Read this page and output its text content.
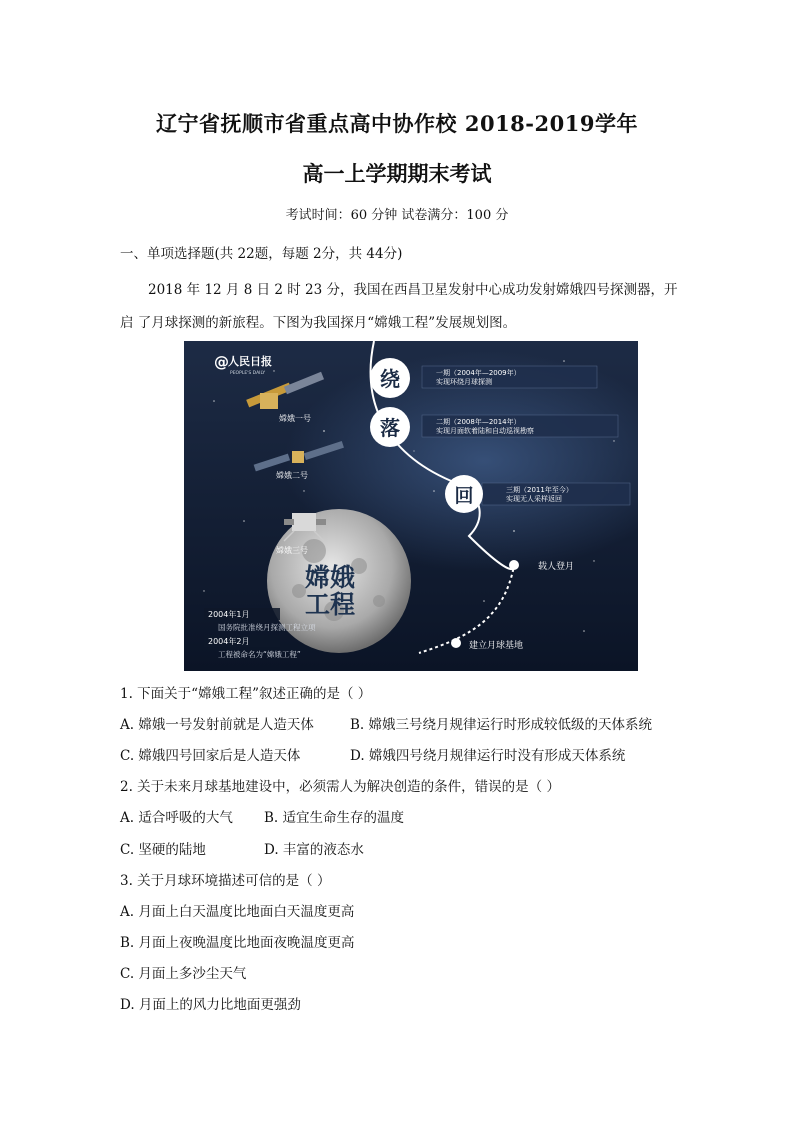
辽宁省抚顺市省重点高中协作校 2018-2019学年
高一上学期期末考试
考试时间：60 分钟 试卷满分：100 分
一、单项选择题(共 22题，每题 2分，共 44分)
2018 年 12 月 8 日 2 时 23 分，我国在西昌卫星发射中心成功发射嫦娥四号探测器，开
启 了月球探测的新旅程。下图为我国探月“嫦娥工程”发展规划图。
@ 人民日报
PEOPLE'S DAILY	绕	一期（2004年—2009年）
实现环绕月球探测
落	二期（2008年—2014年）
实现月面软着陆和自动巡视勘察
回	三期（2011年至今）
实现无人采样返回
载人登月
建立月球基地
嫦娥
工程
嫦娥一号
嫦娥二号
嫦娥三号
2004年1月
国务院批准绕月探测工程立项
2004年2月
工程被命名为“嫦娥工程”
1. 下面关于“嫦娥工程”叙述正确的是（ ）
A. 嫦娥一号发射前就是人造天体	B. 嫦娥三号绕月规律运行时形成较低级的天体系统
C. 嫦娥四号回家后是人造天体	D. 嫦娥四号绕月规律运行时没有形成天体系统
2. 关于未来月球基地建设中，必须需人为解决创造的条件，错误的是（ ）
A. 适合呼吸的大气 B. 适宜生命生存的温度
C. 坚硬的陆地	D. 丰富的液态水
3. 关于月球环境描述可信的是（ ）
A. 月面上白天温度比地面白天温度更高
B. 月面上夜晚温度比地面夜晚温度更高
C. 月面上多沙尘天气
D. 月面上的风力比地面更强劲
